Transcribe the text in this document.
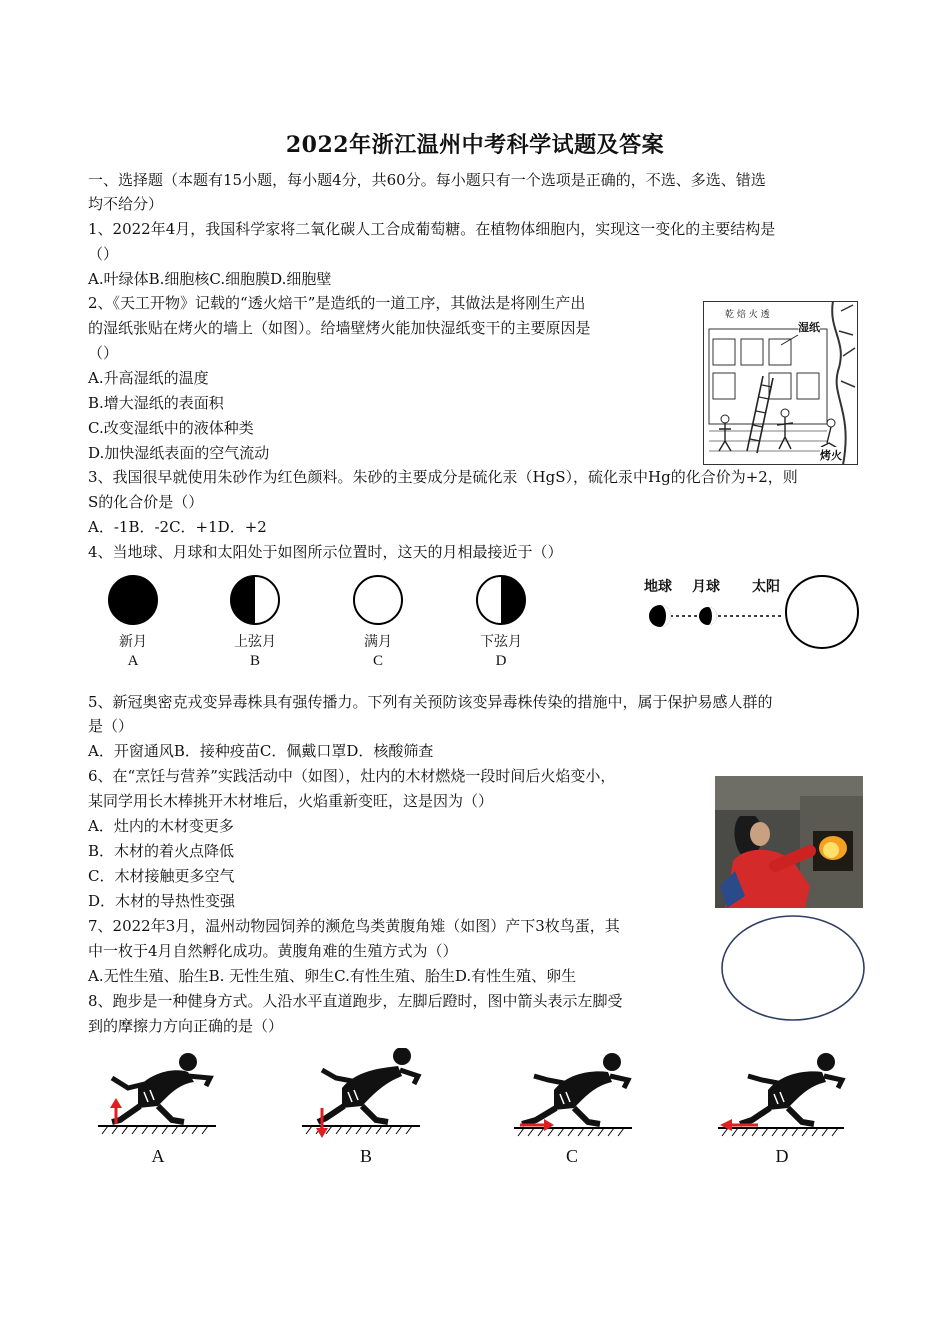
2022年浙江温州中考科学试题及答案
一、选择题（本题有15小题，每小题4分，共60分。每小题只有一个选项是正确的，不选、多选、错选
均不给分）
1、2022年4月，我国科学家将二氧化碳人工合成葡萄糖。在植物体细胞内，实现这一变化的主要结构是
（）
A.叶绿体B.细胞核C.细胞膜D.细胞壁
2、《天工开物》记载的“透火焙干”是造纸的一道工序，其做法是将刚生产出
的湿纸张贴在烤火的墙上（如图）。给墙壁烤火能加快湿纸变干的主要原因是
（）
A.升高湿纸的温度
B.增大湿纸的表面积
C.改变湿纸中的液体种类
D.加快湿纸表面的空气流动
乾 焙 火 透
湿纸
烤火
3、我国很早就使用朱砂作为红色颜料。朱砂的主要成分是硫化汞（HgS），硫化汞中Hg的化合价为+2，则
S的化合价是（）
A．-1B．-2C．+1D．+2
4、当地球、月球和太阳处于如图所示位置时，这天的月相最接近于（）
新月
A
上弦月
B
满月
C
下弦月
D
地球 月球 太阳
5、新冠奥密克戎变异毒株具有强传播力。下列有关预防该变异毒株传染的措施中，属于保护易感人群的
是（）
A．开窗通风B．接种疫苗C．佩戴口罩D．核酸筛查
6、在“烹饪与营养”实践活动中（如图），灶内的木材燃烧一段时间后火焰变小，
某同学用长木棒挑开木材堆后，火焰重新变旺，这是因为（）
A．灶内的木材变更多
B．木材的着火点降低
C．木材接触更多空气
D．木材的导热性变强
7、2022年3月，温州动物园饲养的濒危鸟类黄腹角雉（如图）产下3枚鸟蛋，其
中一枚于4月自然孵化成功。黄腹角难的生殖方式为（）
A.无性生殖、胎生B. 无性生殖、卵生C.有性生殖、胎生D.有性生殖、卵生
8、跑步是一种健身方式。人沿水平直道跑步，左脚后蹬时，图中箭头表示左脚受
到的摩擦力方向正确的是（）
A	B	C	D
